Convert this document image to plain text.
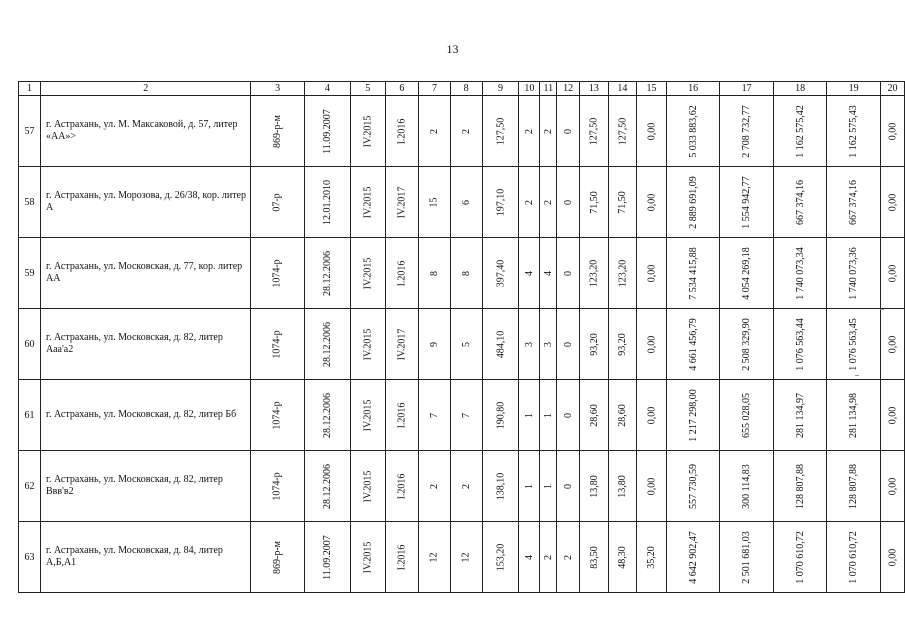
13
1	2	3	4	5	6	7	8	9	10	11	12	13	14	15	16	17	18	19	20
57	г. Астрахань, ул. М. Максаковой, д. 57, литер «АА»>	869-р-м	11.09.2007	IV.2015	I.2016	2	2	127,50	2	2	0	127,50	127,50	0,00	5 033 883,62	2 708 732,77	1 162 575,42	1 162 575,43	0,00
58	г. Астрахань, ул. Морозова, д. 26/38, кор. литер А	07-р	12.01.2010	IV.2015	IV.2017	15	6	197,10	2	2	0	71,50	71,50	0,00	2 889 691,09	1 554 942,77	667 374,16	667 374,16	0,00
59	г. Астрахань, ул. Московская, д. 77, кор. литер АА	1074-р	28.12.2006	IV.2015	I.2016	8	8	397,40	4	4	0	123,20	123,20	0,00	7 534 415,88	4 054 269,18	1 740 073,34	1 740 073,36	0,00
60	г. Астрахань, ул. Московская, д. 82, литер Ааа'а2	1074-р	28.12.2006	IV.2015	IV.2017	9	5	484,10	3	3	0	93,20	93,20	0,00	4 661 456,79	2 508 329,90	1 076 563,44	1 076 563,45	0,00
61	г. Астрахань, ул. Московская, д. 82, литер Бб	1074-р	28.12.2006	IV.2015	I.2016	7	7	190,80	1	1	0	28,60	28,60	0,00	1 217 298,00	655 028,05	281 134,97	281 134,98	0,00
62	г. Астрахань, ул. Московская, д. 82, литер Ввв'в2	1074-р	28.12.2006	IV.2015	I.2016	2	2	138,10	1	1	0	13,80	13,80	0,00	557 730,59	300 114,83	128 807,88	128 807,88	0,00
63	г. Астрахань, ул. Московская, д. 84, литер А,Б,А1	869-р-м	11.09.2007	IV.2015	I.2016	12	12	153,20	4	2	2	83,50	48,30	35,20	4 642 902,47	2 501 681,03	1 070 610,72	1 070 610,72	0,00
